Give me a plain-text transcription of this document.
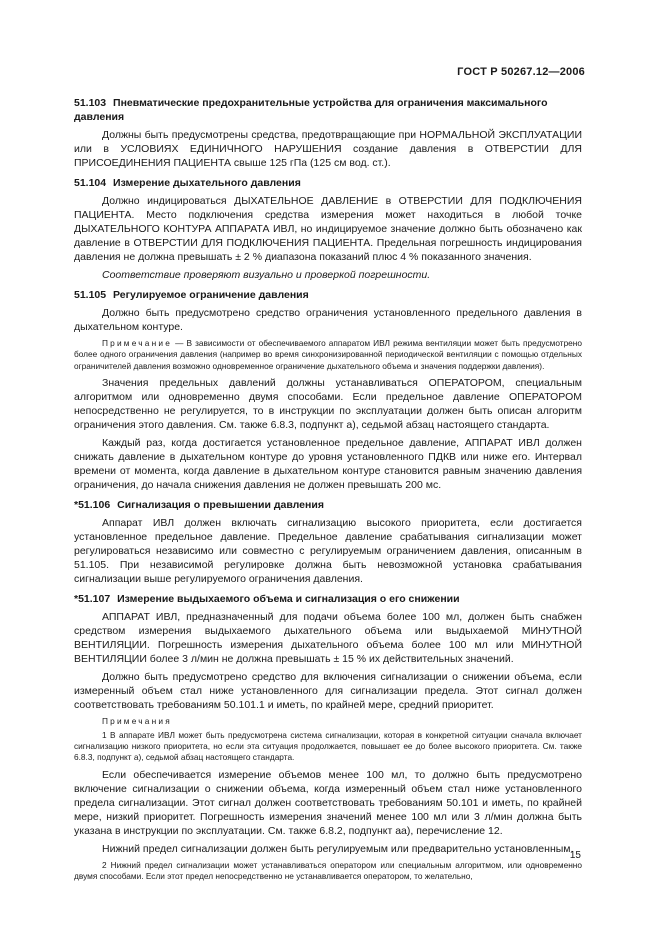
ГОСТ Р 50267.12—2006
51.103 Пневматические предохранительные устройства для ограничения максимального давления

Должны быть предусмотрены средства, предотвращающие при НОРМАЛЬНОЙ ЭКСПЛУАТАЦИИ или в УСЛОВИЯХ ЕДИНИЧНОГО НАРУШЕНИЯ создание давления в ОТВЕРСТИИ ДЛЯ ПРИСОЕДИНЕНИЯ ПАЦИЕНТА свыше 125 гПа (125 см вод. ст.).

51.104 Измерение дыхательного давления

Должно индицироваться ДЫХАТЕЛЬНОЕ ДАВЛЕНИЕ в ОТВЕРСТИИ ДЛЯ ПОДКЛЮЧЕНИЯ ПАЦИЕНТА. Место подключения средства измерения может находиться в любой точке ДЫХАТЕЛЬНОГО КОНТУРА АППАРАТА ИВЛ, но индицируемое значение должно быть обозначено как давление в ОТВЕРСТИИ ДЛЯ ПОДКЛЮЧЕНИЯ ПАЦИЕНТА. Предельная погрешность индицирования давления не должна превышать ± 2 % диапазона показаний плюс 4 % показанного значения.

Соответствие проверяют визуально и проверкой погрешности.

51.105 Регулируемое ограничение давления

Должно быть предусмотрено средство ограничения установленного предельного давления в дыхательном контуре.

Примечание — В зависимости от обеспечиваемого аппаратом ИВЛ режима вентиляции может быть предусмотрено более одного ограничения давления (например во время синхронизированной периодической вентиляции с помощью отдельных ограничителей давления возможно одновременное ограничение дыхательного объема и значения поддержки давления).

Значения предельных давлений должны устанавливаться ОПЕРАТОРОМ, специальным алгоритмом или одновременно двумя способами. Если предельное давление ОПЕРАТОРОМ непосредственно не регулируется, то в инструкции по эксплуатации должен быть описан алгоритм ограничения этого давления. См. также 6.8.3, подпункт а), седьмой абзац настоящего стандарта.

Каждый раз, когда достигается установленное предельное давление, АППАРАТ ИВЛ должен снижать давление в дыхательном контуре до уровня установленного ПДКВ или ниже его. Интервал времени от момента, когда давление в дыхательном контуре становится равным значению давления ограничения, до начала снижения давления не должен превышать 200 мс.

*51.106 Сигнализация о превышении давления

Аппарат ИВЛ должен включать сигнализацию высокого приоритета, если достигается установленное предельное давление. Предельное давление срабатывания сигнализации может регулироваться независимо или совместно с регулируемым ограничением давления, описанным в 51.105. При независимой регулировке должна быть невозможной установка срабатывания сигнализации выше регулируемого ограничения давления.

*51.107 Измерение выдыхаемого объема и сигнализация о его снижении

АППАРАТ ИВЛ, предназначенный для подачи объема более 100 мл, должен быть снабжен средством измерения выдыхаемого дыхательного объема или выдыхаемой МИНУТНОЙ ВЕНТИЛЯЦИИ. Погрешность измерения дыхательного объема более 100 мл или МИНУТНОЙ ВЕНТИЛЯЦИИ более 3 л/мин не должна превышать ± 15 % их действительных значений.

Должно быть предусмотрено средство для включения сигнализации о снижении объема, если измеренный объем стал ниже установленного для сигнализации предела. Этот сигнал должен соответствовать требованиям 50.101.1 и иметь, по крайней мере, средний приоритет.

Примечания

1 В аппарате ИВЛ может быть предусмотрена система сигнализации, которая в конкретной ситуации сначала включает сигнализацию низкого приоритета, но если эта ситуация продолжается, повышает ее до более высокого приоритета. См. также 6.8.3, подпункт а), седьмой абзац настоящего стандарта.

Если обеспечивается измерение объемов менее 100 мл, то должно быть предусмотрено включение сигнализации о снижении объема, когда измеренный объем стал ниже установленного предела сигнализации. Этот сигнал должен соответствовать требованиям 50.101 и иметь, по крайней мере, низкий приоритет. Погрешность измерения значений менее 100 мл или 3 л/мин должна быть указана в инструкции по эксплуатации. См. также 6.8.2, подпункт аа), перечисление 12.

Нижний предел сигнализации должен быть регулируемым или предварительно установленным.

2 Нижний предел сигнализации может устанавливаться оператором или специальным алгоритмом, или одновременно двумя способами. Если этот предел непосредственно не устанавливается оператором, то желательно,

15
